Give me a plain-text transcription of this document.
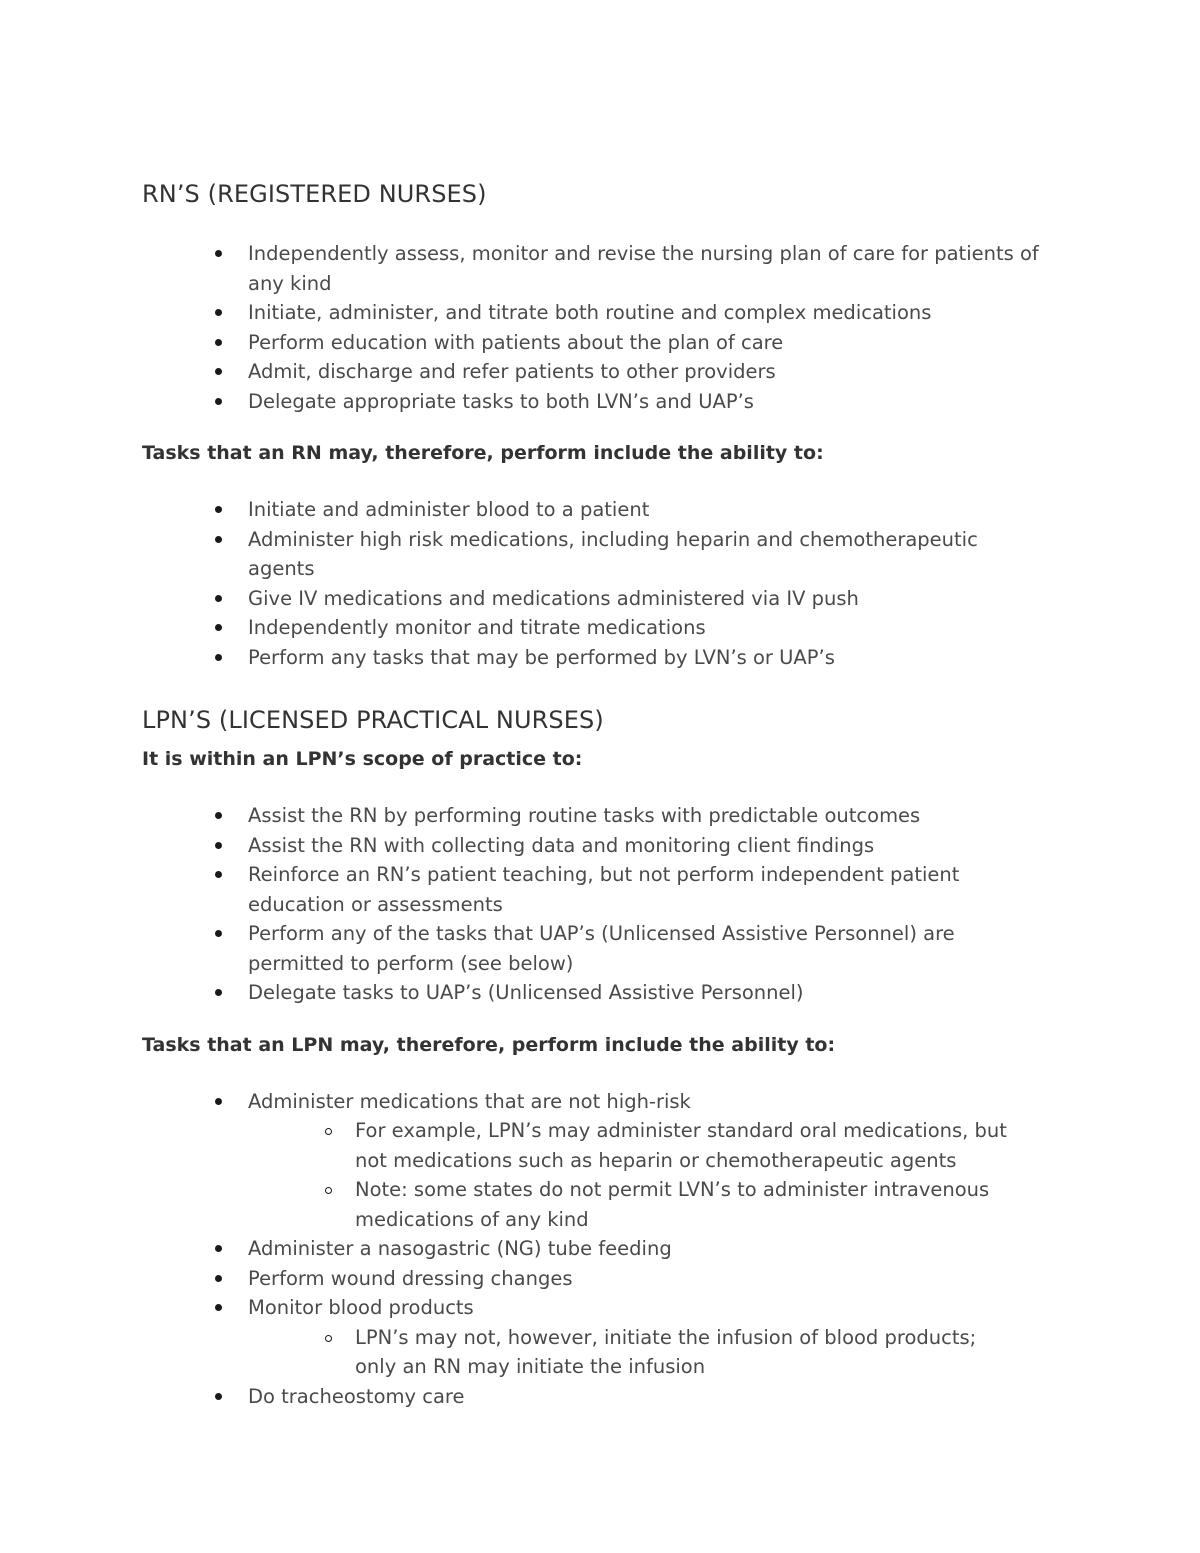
RN’S (REGISTERED NURSES)
Independently assess, monitor and revise the nursing plan of care for patients of any kind
Initiate, administer, and titrate both routine and complex medications
Perform education with patients about the plan of care
Admit, discharge and refer patients to other providers
Delegate appropriate tasks to both LVN’s and UAP’s

Tasks that an RN may, therefore, perform include the ability to:

Initiate and administer blood to a patient
Administer high risk medications, including heparin and chemotherapeutic agents
Give IV medications and medications administered via IV push
Independently monitor and titrate medications
Perform any tasks that may be performed by LVN’s or UAP’s
LPN’S (LICENSED PRACTICAL NURSES)

It is within an LPN’s scope of practice to:

Assist the RN by performing routine tasks with predictable outcomes
Assist the RN with collecting data and monitoring client findings
Reinforce an RN’s patient teaching, but not perform independent patient education or assessments
Perform any of the tasks that UAP’s (Unlicensed Assistive Personnel) are permitted to perform (see below)
Delegate tasks to UAP’s (Unlicensed Assistive Personnel)

Tasks that an LPN may, therefore, perform include the ability to:

Administer medications that are not high-risk
For example, LPN’s may administer standard oral medications, but not medications such as heparin or chemotherapeutic agents
Note: some states do not permit LVN’s to administer intravenous medications of any kind
Administer a nasogastric (NG) tube feeding
Perform wound dressing changes
Monitor blood products
LPN’s may not, however, initiate the infusion of blood products; only an RN may initiate the infusion
Do tracheostomy care
